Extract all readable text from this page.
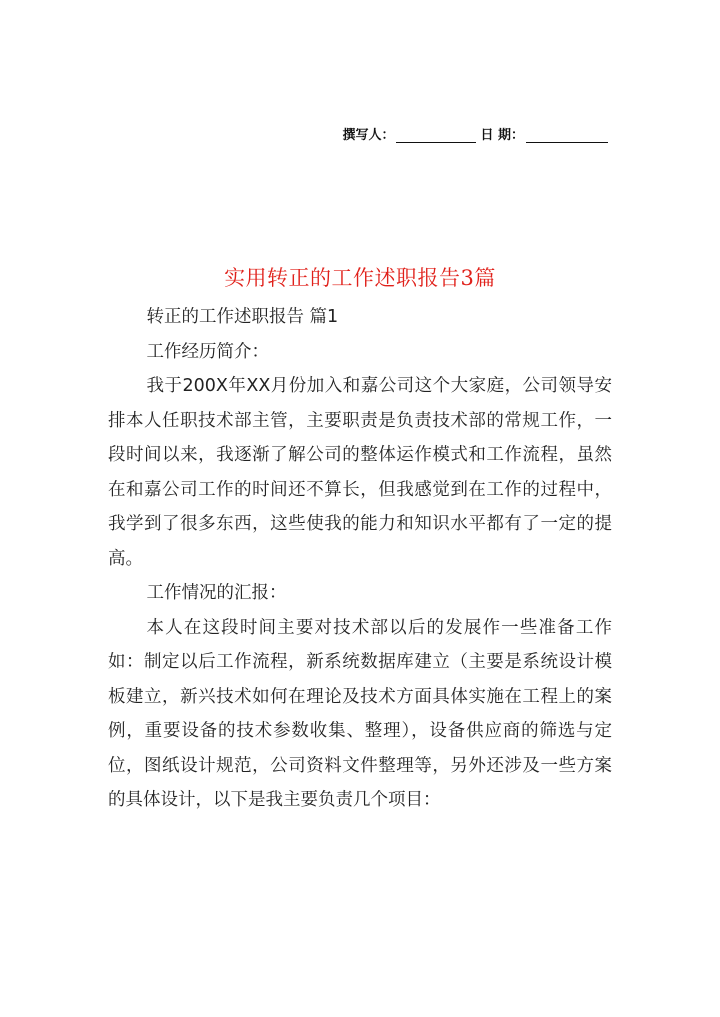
撰写人：	日 期：
实用转正的工作述职报告3篇

转正的工作述职报告 篇1

工作经历简介：

我于200X年XX月份加入和嘉公司这个大家庭，公司领导安排本人任职技术部主管，主要职责是负责技术部的常规工作，一段时间以来，我逐渐了解公司的整体运作模式和工作流程，虽然在和嘉公司工作的时间还不算长，但我感觉到在工作的过程中，我学到了很多东西，这些使我的能力和知识水平都有了一定的提高。

工作情况的汇报：

本人在这段时间主要对技术部以后的发展作一些准备工作如：制定以后工作流程，新系统数据库建立（主要是系统设计模板建立，新兴技术如何在理论及技术方面具体实施在工程上的案例，重要设备的技术参数收集、整理），设备供应商的筛选与定位，图纸设计规范，公司资料文件整理等，另外还涉及一些方案的具体设计，以下是我主要负责几个项目：
